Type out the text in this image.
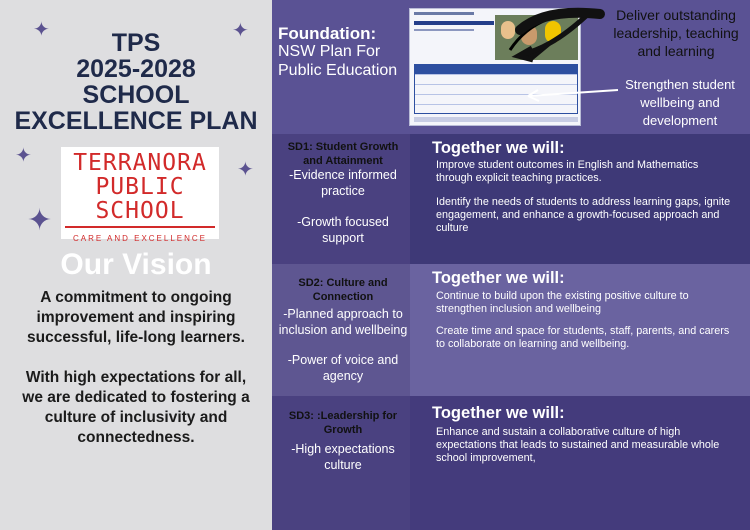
✦	✦
✦
✦
✦
TPS
2025-2028
SCHOOL
EXCELLENCE PLAN
TERRANORA
PUBLIC SCHOOL
CARE AND EXCELLENCE
Our Vision

A commitment to ongoing improvement and inspiring successful, life-long learners.

With high expectations for all, we are dedicated to fostering a culture of inclusivity and connectedness.

Foundation:
NSW Plan For Public Education
Deliver outstanding leadership, teaching and learning
Strengthen student wellbeing and development
SD1: Student Growth and Attainment
-Evidence informed practice
-Growth focused support
Together we will:
Improve student outcomes in English and Mathematics through explicit teaching practices.
Identify the needs of students to address learning gaps, ignite engagement, and enhance a growth-focused approach and culture
SD2: Culture and Connection
-Planned approach to inclusion and wellbeing
-Power of voice and agency
Together we will:
Continue to build upon the existing positive culture to strengthen inclusion and wellbeing
Create time and space for students, staff, parents, and carers to collaborate on learning and wellbeing.
SD3: :Leadership for Growth
-High expectations culture
Together we will:
Enhance and sustain a collaborative culture of high expectations that leads to sustained and measurable whole school improvement,
